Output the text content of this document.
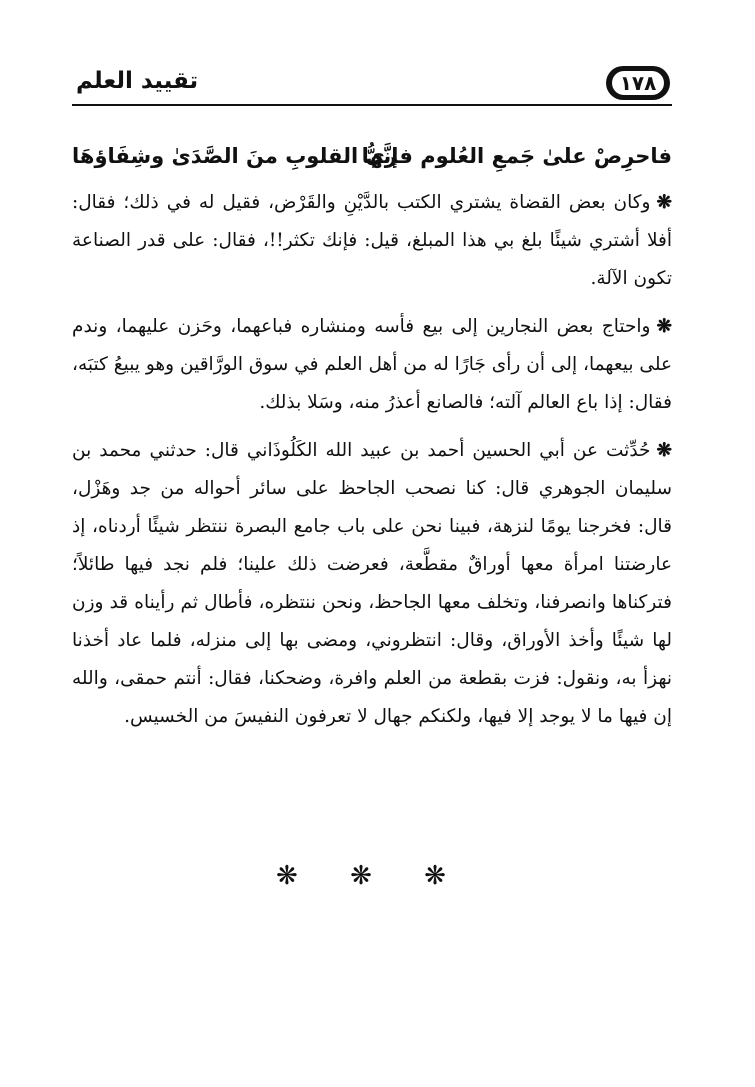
١٧٨
تقييد العلم
فاحرِصْ علىٰ جَمعِ العُلوم فإنَّها
ريُّ القلوبِ منَ الصَّدَىٰ وشِفَاؤهَا

❋وكان بعض القضاة يشتري الكتب بالدَّيْنِ والقَرْض، فقيل له في ذلك؛ فقال: أفلا أشتري شيئًا بلغ بي هذا المبلغ، قيل: فإنك تكثر!!، فقال: على قدر الصناعة تكون الآلة.

❋واحتاج بعض النجارين إلى بيع فأسه ومنشاره فباعهما، وحَزن عليهما، وندم على بيعهما، إلى أن رأى جَارًا له من أهل العلم في سوق الورَّاقين وهو يبيعُ كتبَه، فقال: إذا باع العالم آلته؛ فالصانع أعذرُ منه، وسَلا بذلك.

❋حُدِّثت عن أبي الحسين أحمد بن عبيد الله الكَلُوذَاني قال: حدثني محمد بن سليمان الجوهري قال: كنا نصحب الجاحظ على سائر أحواله من جد وهَزْل، قال: فخرجنا يومًا لنزهة، فبينا نحن على باب جامع البصرة ننتظر شيئًا أردناه، إذ عارضتنا امرأة معها أوراقٌ مقطَّعة، فعرضت ذلك علينا؛ فلم نجد فيها طائلاً؛ فتركناها وانصرفنا، وتخلف معها الجاحظ، ونحن ننتظره، فأطال ثم رأيناه قد وزن لها شيئًا وأخذ الأوراق، وقال: انتظروني، ومضى بها إلى منزله، فلما عاد أخذنا نهزأ به، ونقول: فزت بقطعة من العلم وافرة، وضحكنا، فقال: أنتم حمقى، والله إن فيها ما لا يوجد إلا فيها، ولكنكم جهال لا تعرفون النفيسَ من الخسيس.

❋ ❋ ❋
